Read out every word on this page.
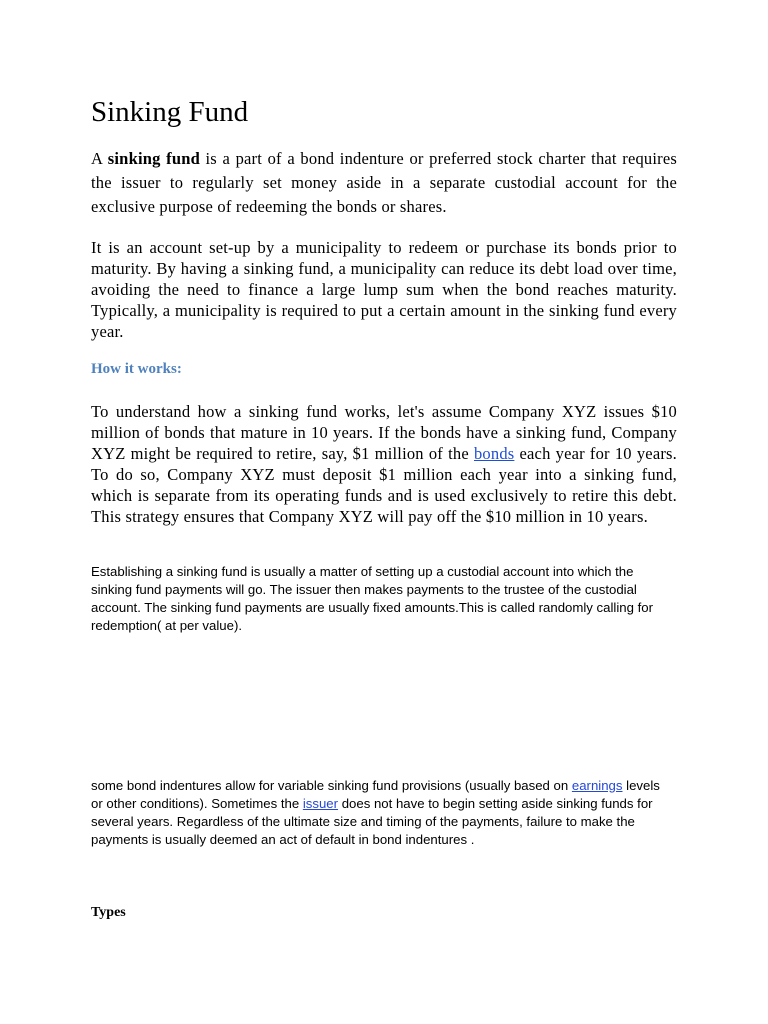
Sinking Fund

A sinking fund is a part of a bond indenture or preferred stock charter that requires the issuer to regularly set money aside in a separate custodial account for the exclusive purpose of redeeming the bonds or shares.

It is an account set-up by a municipality to redeem or purchase its bonds prior to maturity. By having a sinking fund, a municipality can reduce its debt load over time, avoiding the need to finance a large lump sum when the bond reaches maturity. Typically, a municipality is required to put a certain amount in the sinking fund every year.

How it works:

To understand how a sinking fund works, let's assume Company XYZ issues $10 million of bonds that mature in 10 years. If the bonds have a sinking fund, Company XYZ might be required to retire, say, $1 million of the bonds each year for 10 years. To do so, Company XYZ must deposit $1 million each year into a sinking fund, which is separate from its operating funds and is used exclusively to retire this debt. This strategy ensures that Company XYZ will pay off the $10 million in 10 years.

Establishing a sinking fund is usually a matter of setting up a custodial account into which the sinking fund payments will go. The issuer then makes payments to the trustee of the custodial account. The sinking fund payments are usually fixed amounts.This is called randomly calling for redemption( at per value).

some bond indentures allow for variable sinking fund provisions (usually based on earnings levels or other conditions). Sometimes the issuer does not have to begin setting aside sinking funds for several years. Regardless of the ultimate size and timing of the payments, failure to make the payments is usually deemed an act of default in bond indentures .

Types
